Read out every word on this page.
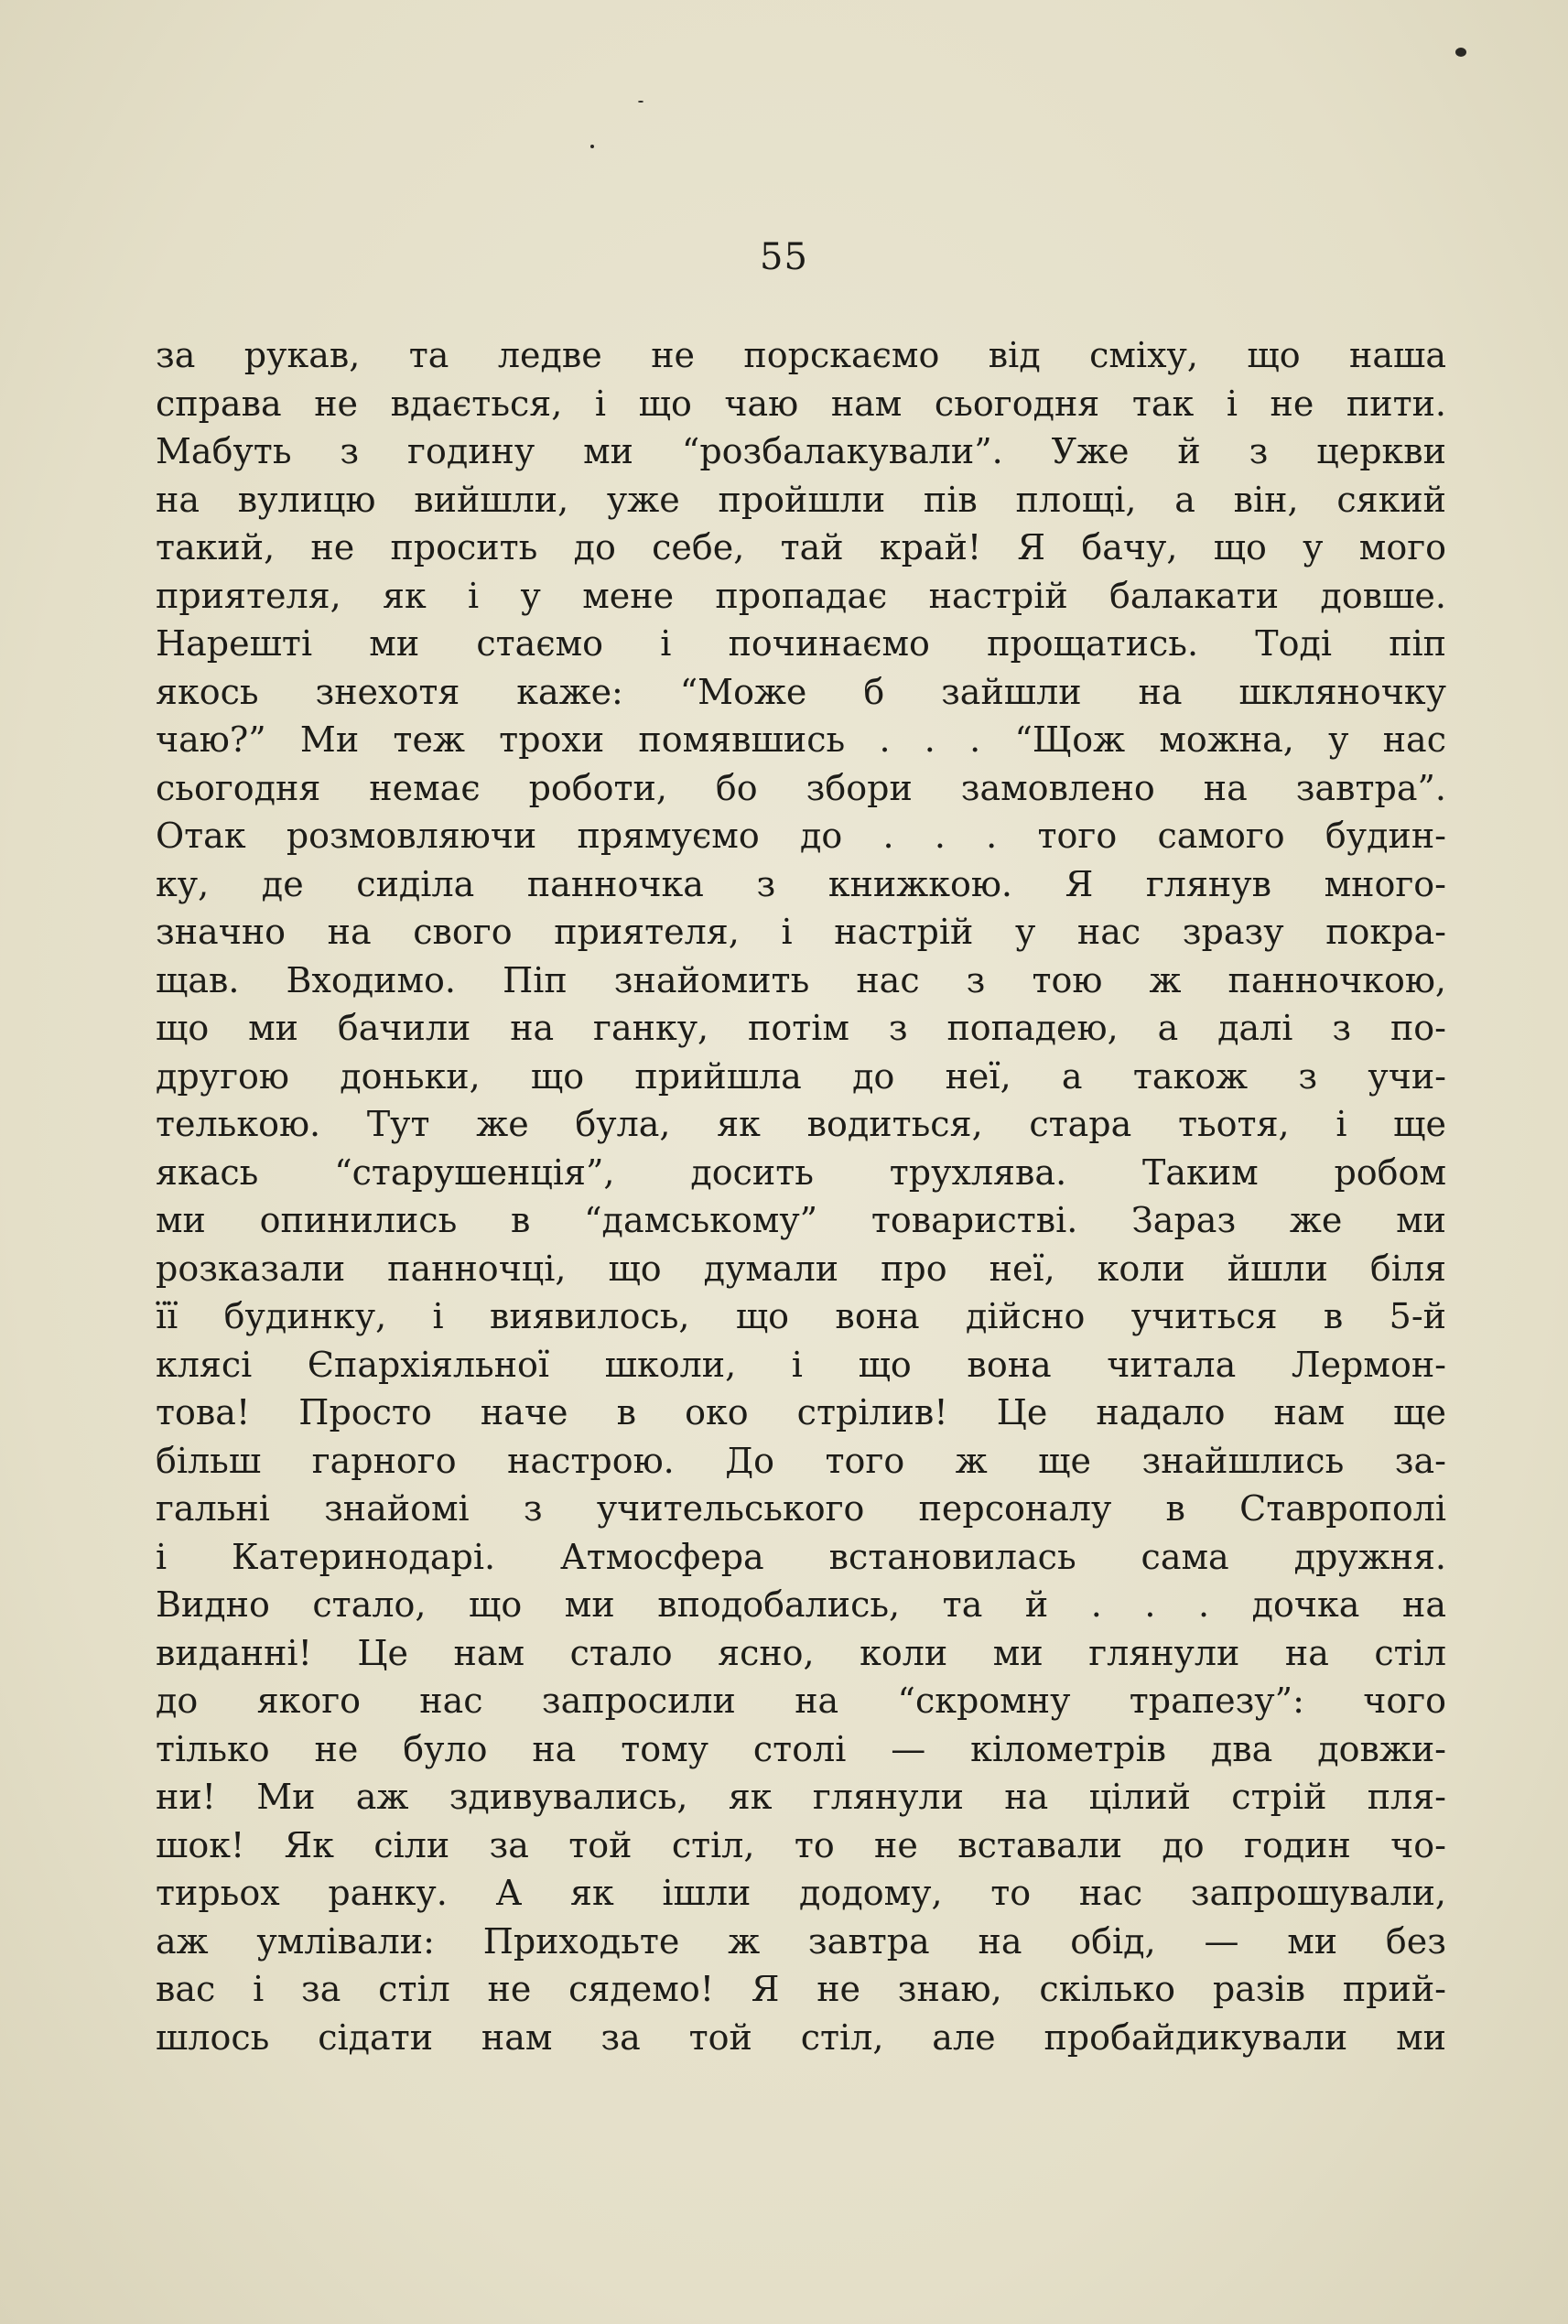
55
за рукав, та ледве не порскаємо від сміху, що наша
справа не вдається, і що чаю нам сьогодня так і не пити.
Мабуть з годину ми “розбалакували”. Уже й з церкви
на вулицю вийшли, уже пройшли пів площі, а він, сякий
такий, не просить до себе, тай край! Я бачу, що у мого
приятеля, як і у мене пропадає настрій балакати довше.
Нарешті ми стаємо і починаємо прощатись. Тоді піп
якось знехотя каже: “Може б зайшли на шкляночку
чаю?” Ми теж трохи помявшись . . . “Щож можна, у нас
сьогодня немає роботи, бо збори замовлено на завтра”.
Отак розмовляючи прямуємо до . . . того самого будин-
ку, де сиділа панночка з книжкою. Я глянув много-
значно на свого приятеля, і настрій у нас зразу покра-
щав. Входимо. Піп знайомить нас з тою ж панночкою,
що ми бачили на ганку, потім з попадею, а далі з по-
другою доньки, що прийшла до неї, а також з учи-
телькою. Тут же була, як водиться, стара тьотя, і ще
якась “старушенція”, досить трухлява. Таким робом
ми опинились в “дамському” товаристві. Зараз же ми
розказали панночці, що думали про неї, коли йшли біля
її будинку, і виявилось, що вона дійсно учиться в 5-й
клясі Єпархіяльної школи, і що вона читала Лермон-
това! Просто наче в око стрілив! Це надало нам ще
більш гарного настрою. До того ж ще знайшлись за-
гальні знайомі з учительського персоналу в Ставрополі
і Катеринодарі. Атмосфера встановилась сама дружня.
Видно стало, що ми вподобались, та й . . . дочка на
виданні! Це нам стало ясно, коли ми глянули на стіл
до якого нас запросили на “скромну трапезу”: чого
тілько не було на тому столі — кілометрів два довжи-
ни! Ми аж здивувались, як глянули на цілий стрій пля-
шок! Як сіли за той стіл, то не вставали до годин чо-
тирьох ранку. А як ішли додому, то нас запрошували,
аж умлівали: Приходьте ж завтра на обід, — ми без
вас і за стіл не сядемо! Я не знаю, скілько разів прий-
шлось сідати нам за той стіл, але пробайдикували ми
